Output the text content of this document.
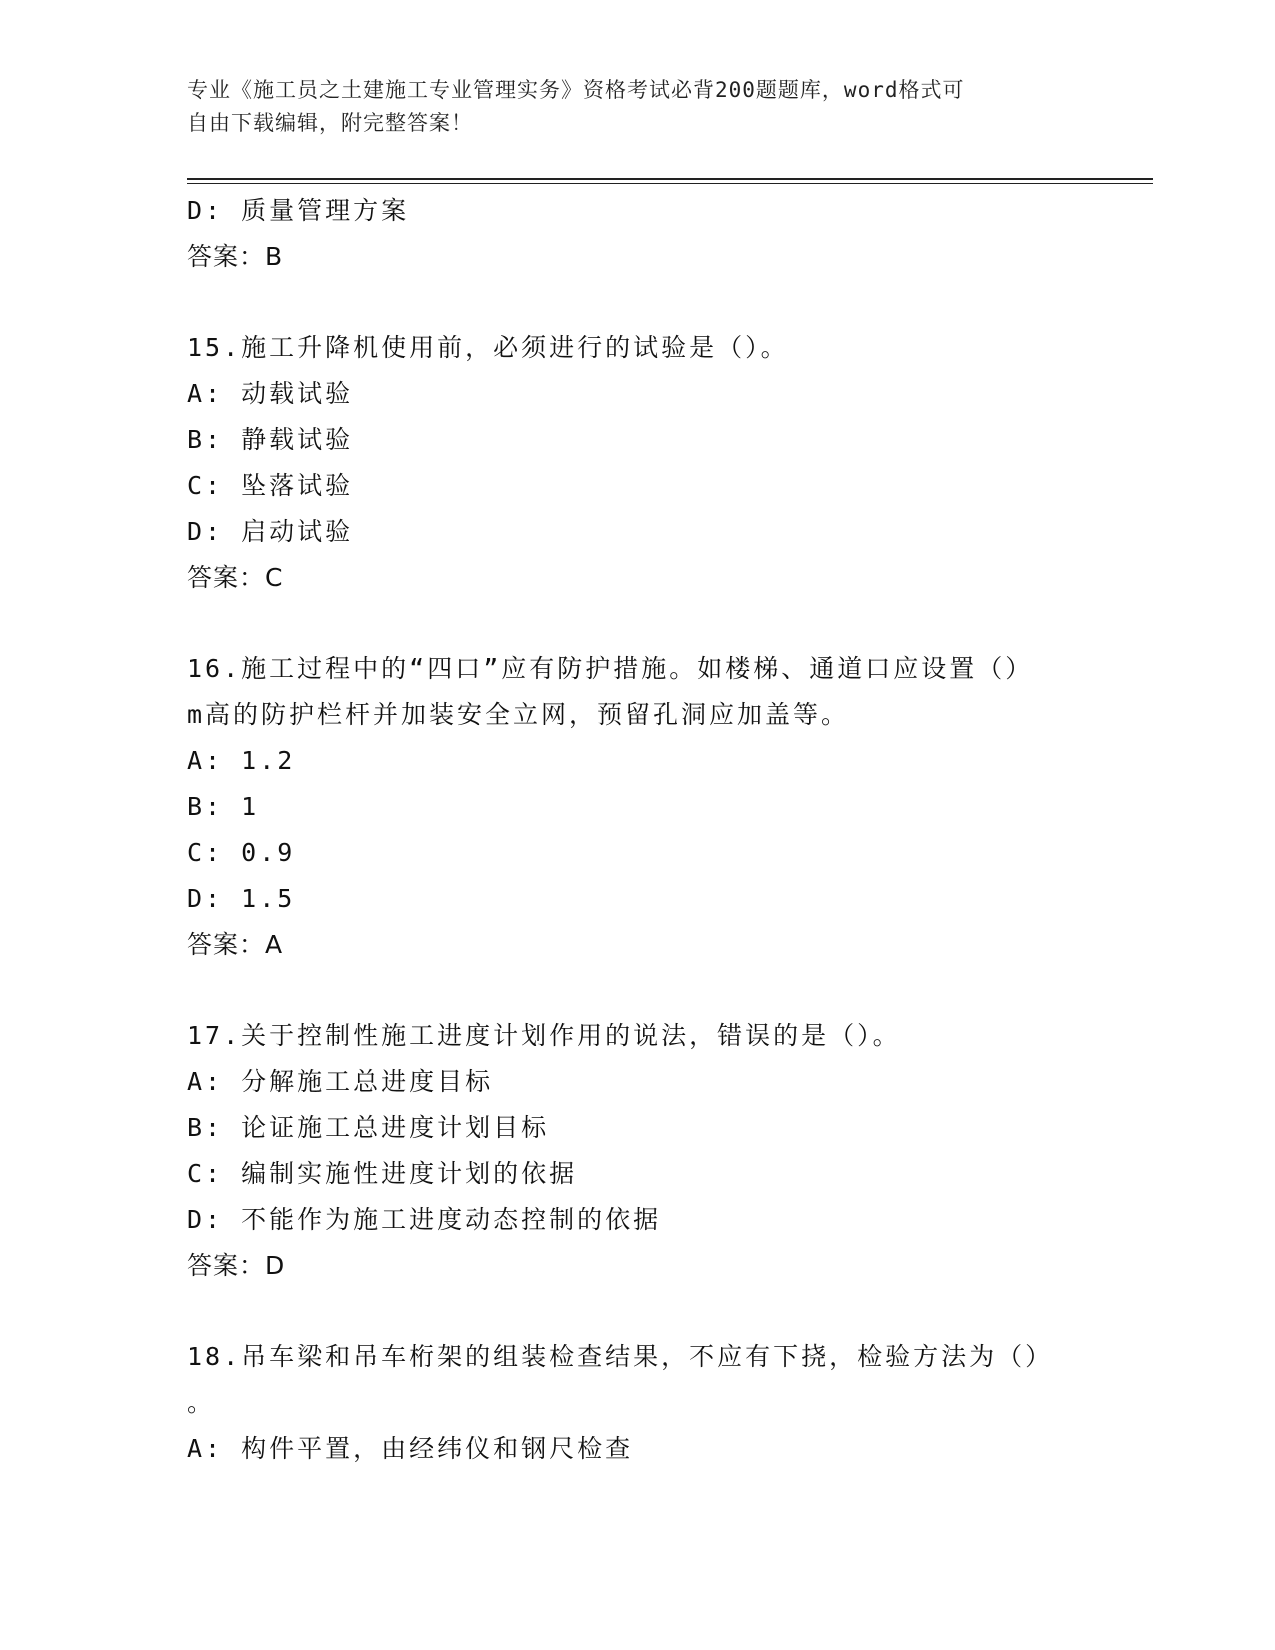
专业《施工员之土建施工专业管理实务》资格考试必背200题题库，word格式可
自由下载编辑，附完整答案！
D: 质量管理方案
答案：B
15.施工升降机使用前，必须进行的试验是（）。
A: 动载试验
B: 静载试验
C: 坠落试验
D: 启动试验
答案：C
16.施工过程中的“四口”应有防护措施。如楼梯、通道口应设置（）
m高的防护栏杆并加装安全立网，预留孔洞应加盖等。
A: 1.2
B: 1
C: 0.9
D: 1.5
答案：A
17.关于控制性施工进度计划作用的说法，错误的是（）。
A: 分解施工总进度目标
B: 论证施工总进度计划目标
C: 编制实施性进度计划的依据
D: 不能作为施工进度动态控制的依据
答案：D
18.吊车梁和吊车桁架的组装检查结果，不应有下挠，检验方法为（）
。
A: 构件平置，由经纬仪和钢尺检查
